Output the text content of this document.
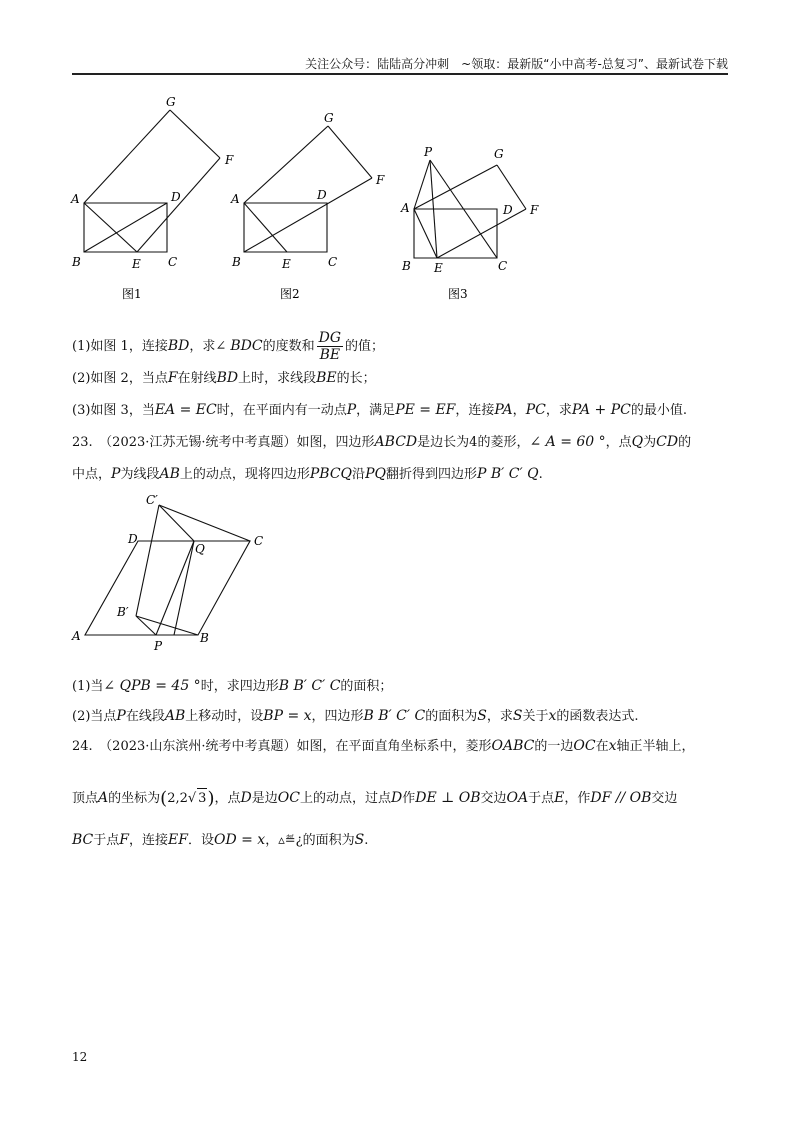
关注公众号：陆陆高分冲刺　~领取：最新版“小中高考-总复习”、最新试卷下载
G
F
A	D
B	E C
图1
G
F
A	D
B	E	C
图2
P	G
A	D F
B E	C
图3
(1)如图 1，连接BD，求∠ BDC的度数和 $\frac{DG}{BE}$ 的值；
(2)如图 2，当点F在射线BD上时，求线段BE的长；
(3)如图 3，当EA = EC时，在平面内有一动点P，满足PE = EF，连接PA，PC，求PA + PC的最小值.
23.　（2023·江苏无锡·统考中考真题）如图，四边形ABCD是边长为4的菱形，∠ A = 60 °，点Q为CD的
中点，P为线段AB上的动点，现将四边形PBCQ沿PQ翻折得到四边形P B′ C′ Q.
C′
D
Q
C
B′
A
P
B
(1)当∠ QPB = 45 °时，求四边形B B′ C′ C的面积；
(2)当点P在线段AB上移动时，设BP = x，四边形B B′ C′ C的面积为S，求S关于x的函数表达式.
24.　（2023·山东滨州·统考中考真题）如图，在平面直角坐标系中，菱形OABC的一边OC在x轴正半轴上，
顶点A的坐标为(2,2√ 3)，点D是边OC上的动点，过点D作DE ⊥ OB交边OA于点E，作DF // OB交边
BC于点F，连接EF．设OD = x，▵≝¿的面积为S.
12
